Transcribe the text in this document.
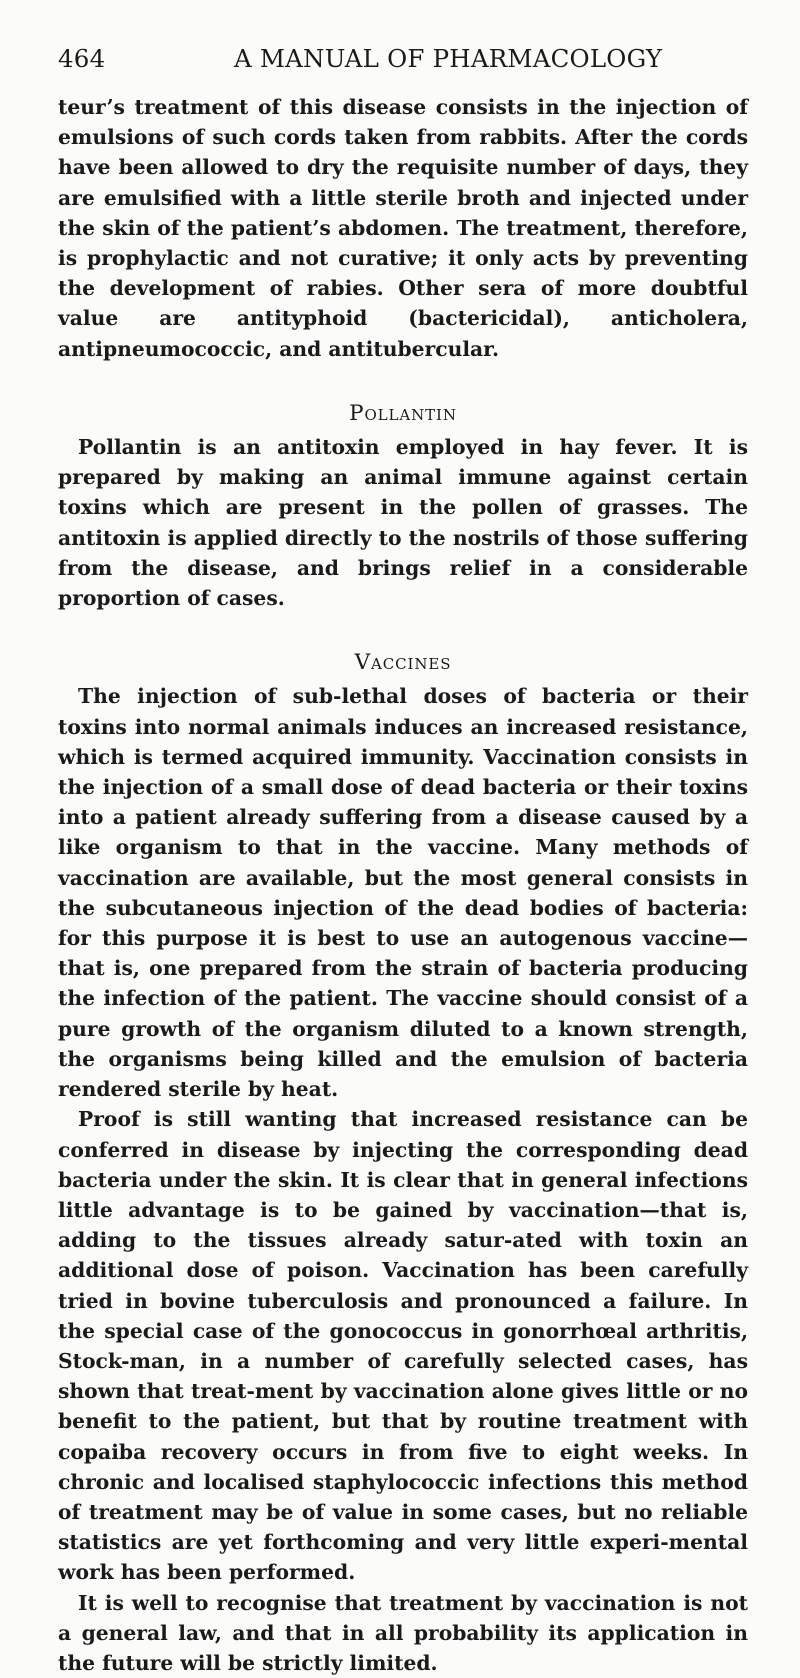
464	A MANUAL OF PHARMACOLOGY

teur’s treatment of this disease consists in the injection of emulsions of such cords taken from rabbits. After the cords have been allowed to dry the requisite number of days, they are emulsified with a little sterile broth and injected under the skin of the patient’s abdomen. The treatment, therefore, is prophylactic and not curative; it only acts by preventing the development of rabies. Other sera of more doubtful value are antityphoid (bactericidal), anticholera, antipneumococcic, and antitubercular.

Pollantin

Pollantin is an antitoxin employed in hay fever. It is prepared by making an animal immune against certain toxins which are present in the pollen of grasses. The antitoxin is applied directly to the nostrils of those suffering from the disease, and brings relief in a considerable proportion of cases.

Vaccines

The injection of sub-lethal doses of bacteria or their toxins into normal animals induces an increased resistance, which is termed acquired immunity. Vaccination consists in the injection of a small dose of dead bacteria or their toxins into a patient already suffering from a disease caused by a like organism to that in the vaccine. Many methods of vaccination are available, but the most general consists in the subcutaneous injection of the dead bodies of bacteria: for this purpose it is best to use an autogenous vaccine—that is, one prepared from the strain of bacteria producing the infection of the patient. The vaccine should consist of a pure growth of the organism diluted to a known strength, the organisms being killed and the emulsion of bacteria rendered sterile by heat.

Proof is still wanting that increased resistance can be conferred in disease by injecting the corresponding dead bacteria under the skin. It is clear that in general infections little advantage is to be gained by vaccination—that is, adding to the tissues already satur-ated with toxin an additional dose of poison. Vaccination has been carefully tried in bovine tuberculosis and pronounced a failure. In the special case of the gonococcus in gonorrhœal arthritis, Stock-man, in a number of carefully selected cases, has shown that treat-ment by vaccination alone gives little or no benefit to the patient, but that by routine treatment with copaiba recovery occurs in from five to eight weeks. In chronic and localised staphylococcic infections this method of treatment may be of value in some cases, but no reliable statistics are yet forthcoming and very little experi-mental work has been performed.

It is well to recognise that treatment by vaccination is not a general law, and that in all probability its application in the future will be strictly limited.
